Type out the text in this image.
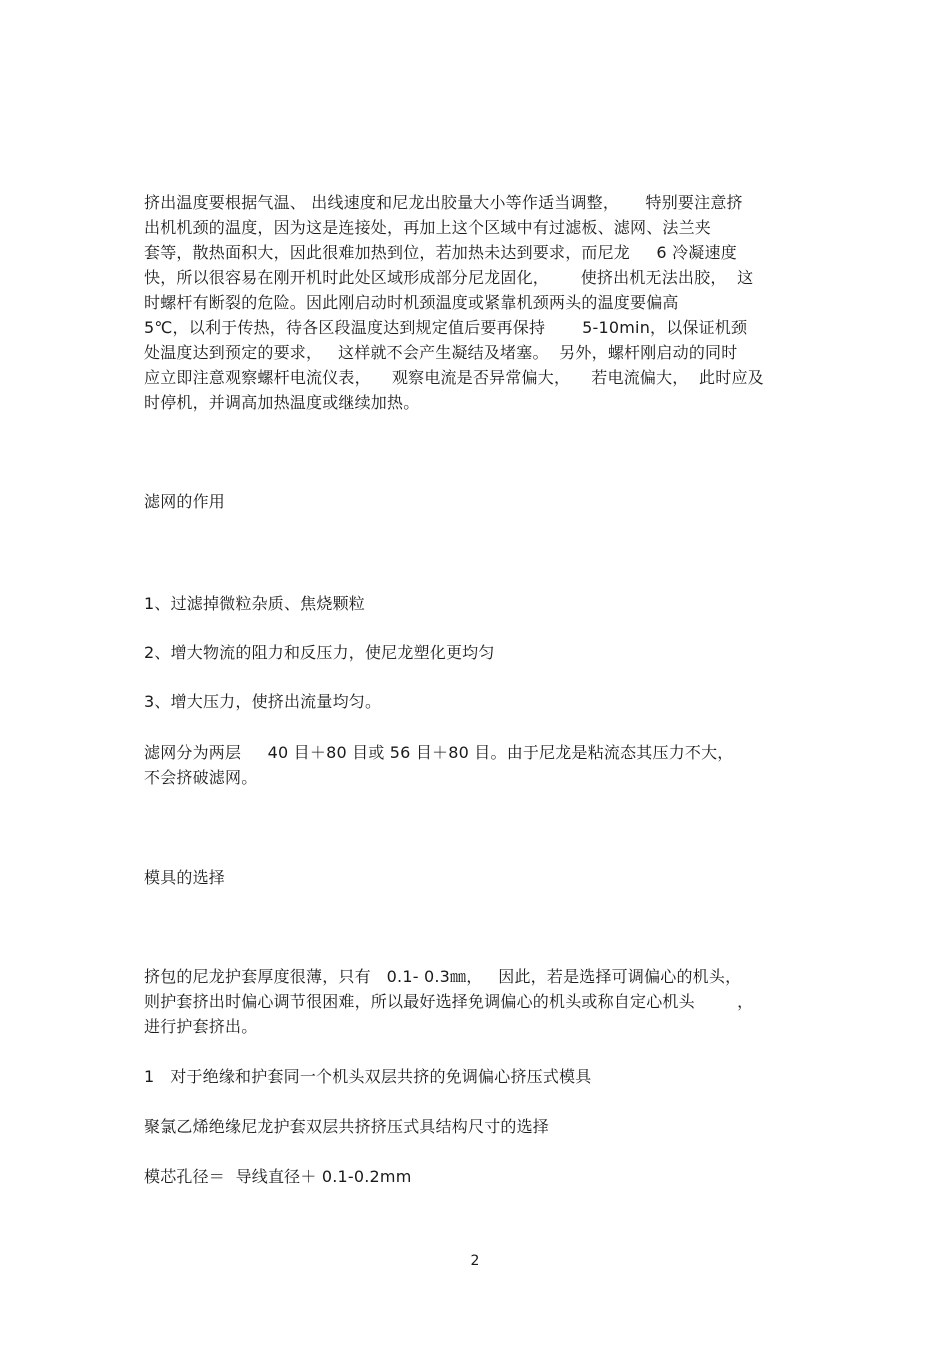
挤出温度要根据气温、 出线速度和尼龙出胶量大小等作适当调整，     特别要注意挤
出机机颈的温度，因为这是连接处，再加上这个区域中有过滤板、滤网、法兰夹
套等，散热面积大，因此很难加热到位，若加热未达到要求，而尼龙     6 冷凝速度
快，所以很容易在刚开机时此处区域形成部分尼龙固化，      使挤出机无法出胶，  这
时螺杆有断裂的危险。因此刚启动时机颈温度或紧靠机颈两头的温度要偏高
5℃，以利于传热，待各区段温度达到规定值后要再保持       5-10min，以保证机颈
处温度达到预定的要求，   这样就不会产生凝结及堵塞。  另外，螺杆刚启动的同时
应立即注意观察螺杆电流仪表，    观察电流是否异常偏大，    若电流偏大，  此时应及
时停机，并调高加热温度或继续加热。
滤网的作用
1、过滤掉微粒杂质、焦烧颗粒
2、增大物流的阻力和反压力，使尼龙塑化更均匀
3、增大压力，使挤出流量均匀。
滤网分为两层     40 目＋80 目或 56 目＋80 目。由于尼龙是粘流态其压力不大，
不会挤破滤网。
模具的选择
挤包的尼龙护套厚度很薄，只有   0.1- 0.3㎜，   因此，若是选择可调偏心的机头，
则护套挤出时偏心调节很困难，所以最好选择免调偏心的机头或称自定心机头        ，
进行护套挤出。
1   对于绝缘和护套同一个机头双层共挤的免调偏心挤压式模具
聚氯乙烯绝缘尼龙护套双层共挤挤压式具结构尺寸的选择
模芯孔径＝  导线直径＋ 0.1-0.2mm
2
